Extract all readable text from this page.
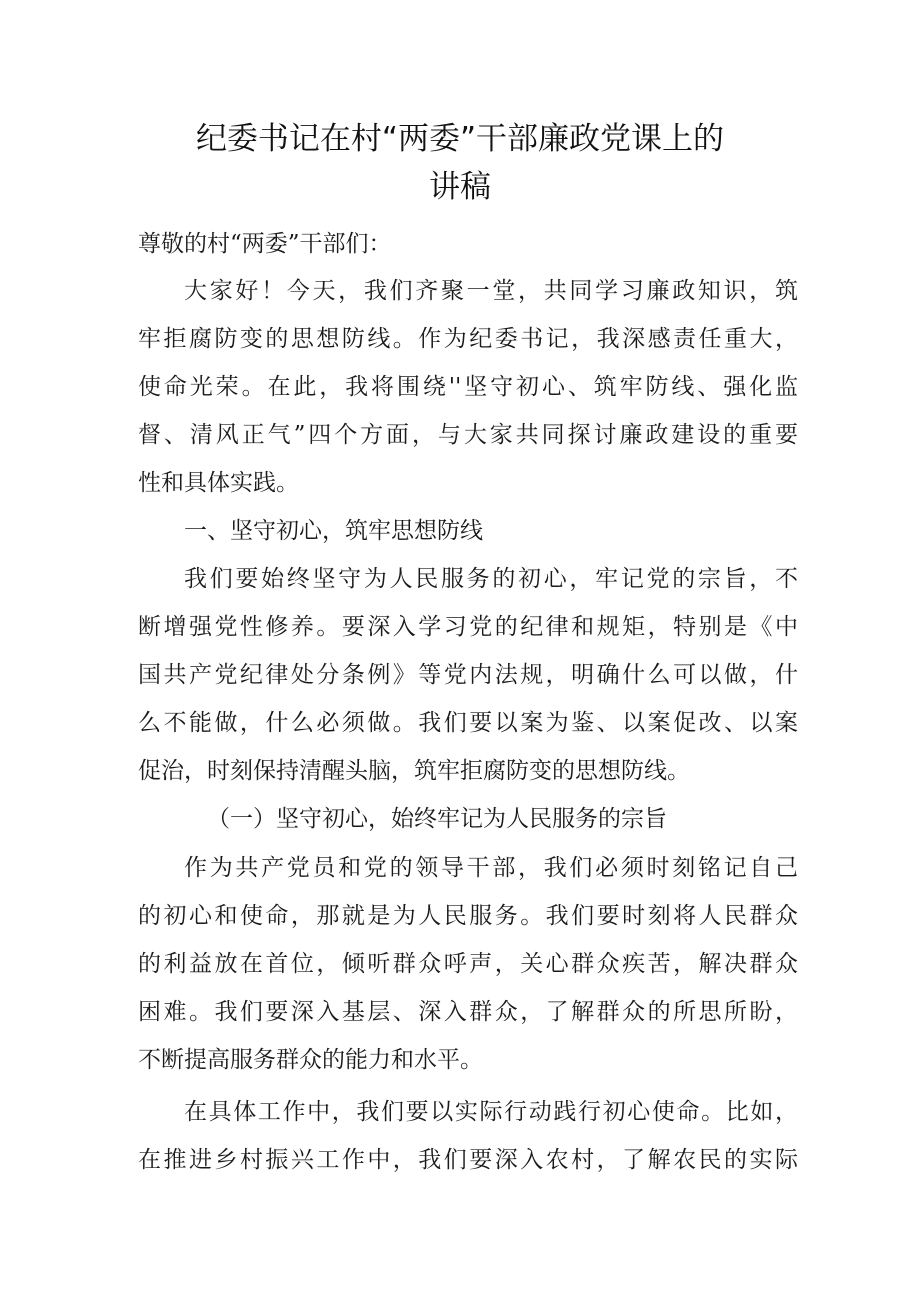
纪委书记在村“两委”干部廉政党课上的
讲稿
尊敬的村“两委”干部们：
大家好！今天，我们齐聚一堂，共同学习廉政知识，筑
牢拒腐防变的思想防线。作为纪委书记，我深感责任重大，
使命光荣。在此，我将围绕''坚守初心、筑牢防线、强化监
督、清风正气”四个方面，与大家共同探讨廉政建设的重要
性和具体实践。
一、坚守初心，筑牢思想防线
我们要始终坚守为人民服务的初心，牢记党的宗旨，不
断增强党性修养。要深入学习党的纪律和规矩，特别是《中
国共产党纪律处分条例》等党内法规，明确什么可以做，什
么不能做，什么必须做。我们要以案为鉴、以案促改、以案
促治，时刻保持清醒头脑，筑牢拒腐防变的思想防线。
（一）坚守初心，始终牢记为人民服务的宗旨
作为共产党员和党的领导干部，我们必须时刻铭记自己
的初心和使命，那就是为人民服务。我们要时刻将人民群众
的利益放在首位，倾听群众呼声，关心群众疾苦，解决群众
困难。我们要深入基层、深入群众，了解群众的所思所盼，
不断提高服务群众的能力和水平。
在具体工作中，我们要以实际行动践行初心使命。比如，
在推进乡村振兴工作中，我们要深入农村，了解农民的实际
